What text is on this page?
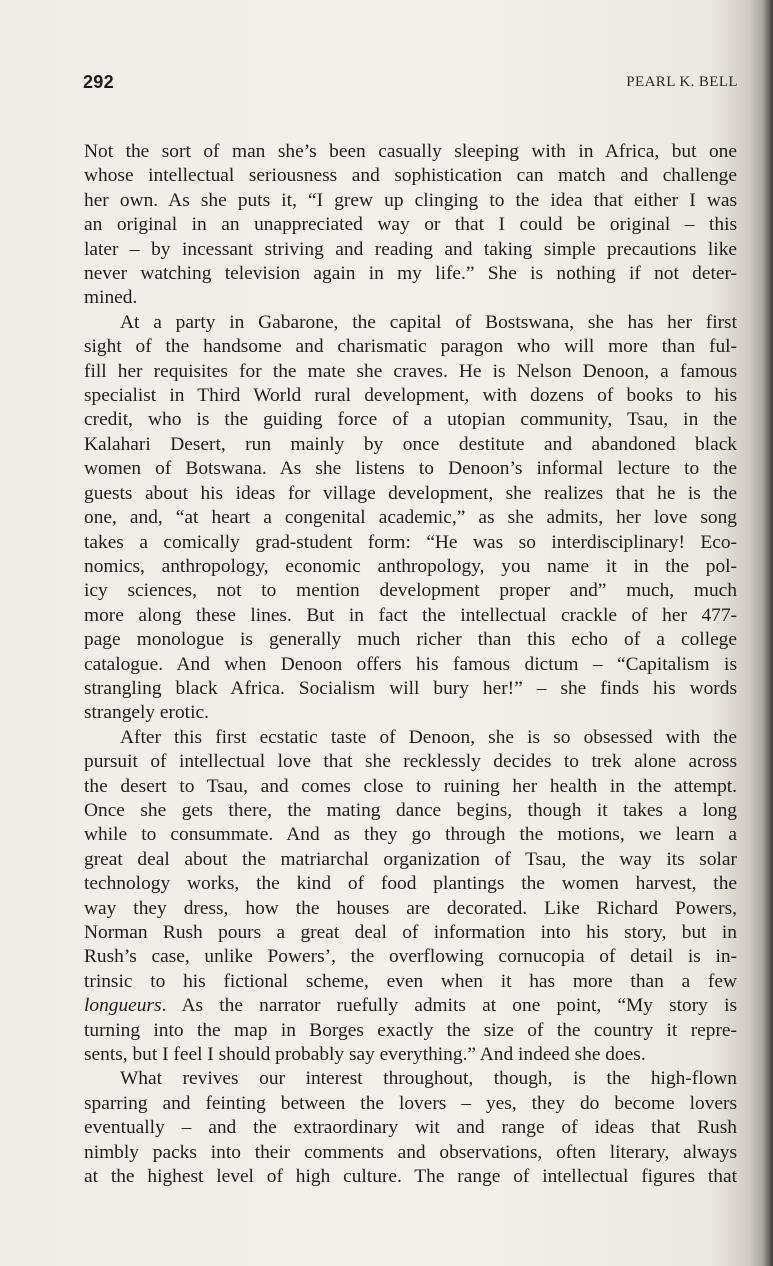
292	PEARL K. BELL

Not the sort of man she’s been casually sleeping with in Africa, but one
whose intellectual seriousness and sophistication can match and challenge
her own. As she puts it, “I grew up clinging to the idea that either I was
an original in an unappreciated way or that I could be original – this
later – by incessant striving and reading and taking simple precautions like
never watching television again in my life.” She is nothing if not deter-
mined.

At a party in Gabarone, the capital of Bostswana, she has her first
sight of the handsome and charismatic paragon who will more than ful-
fill her requisites for the mate she craves. He is Nelson Denoon, a famous
specialist in Third World rural development, with dozens of books to his
credit, who is the guiding force of a utopian community, Tsau, in the
Kalahari Desert, run mainly by once destitute and abandoned black
women of Botswana. As she listens to Denoon’s informal lecture to the
guests about his ideas for village development, she realizes that he is the
one, and, “at heart a congenital academic,” as she admits, her love song
takes a comically grad-student form: “He was so interdisciplinary! Eco-
nomics, anthropology, economic anthropology, you name it in the pol-
icy sciences, not to mention development proper and” much, much
more along these lines. But in fact the intellectual crackle of her 477-
page monologue is generally much richer than this echo of a college
catalogue. And when Denoon offers his famous dictum – “Capitalism is
strangling black Africa. Socialism will bury her!” – she finds his words
strangely erotic.

After this first ecstatic taste of Denoon, she is so obsessed with the
pursuit of intellectual love that she recklessly decides to trek alone across
the desert to Tsau, and comes close to ruining her health in the attempt.
Once she gets there, the mating dance begins, though it takes a long
while to consummate. And as they go through the motions, we learn a
great deal about the matriarchal organization of Tsau, the way its solar
technology works, the kind of food plantings the women harvest, the
way they dress, how the houses are decorated. Like Richard Powers,
Norman Rush pours a great deal of information into his story, but in
Rush’s case, unlike Powers’, the overflowing cornucopia of detail is in-
trinsic to his fictional scheme, even when it has more than a few
longueurs. As the narrator ruefully admits at one point, “My story is
turning into the map in Borges exactly the size of the country it repre-
sents, but I feel I should probably say everything.” And indeed she does.

What revives our interest throughout, though, is the high-flown
sparring and feinting between the lovers – yes, they do become lovers
eventually – and the extraordinary wit and range of ideas that Rush
nimbly packs into their comments and observations, often literary, always
at the highest level of high culture. The range of intellectual figures that
